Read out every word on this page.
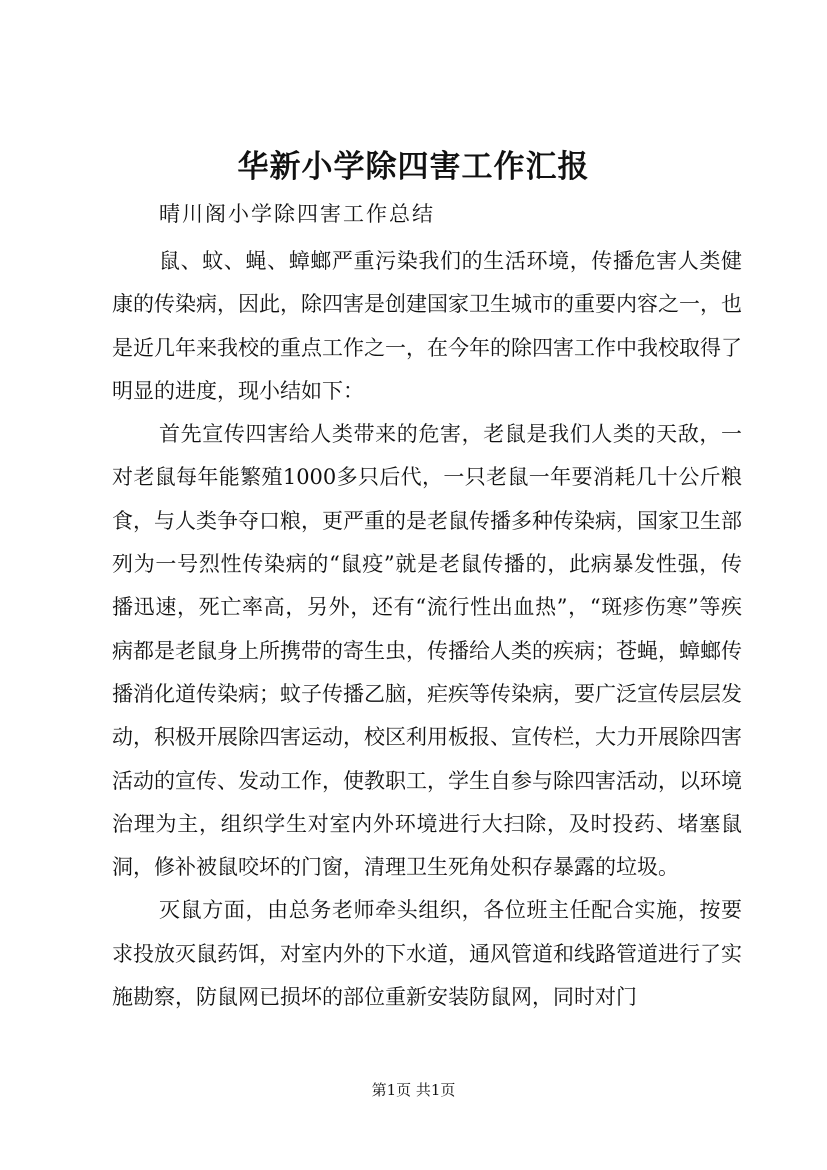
华新小学除四害工作汇报
晴川阁小学除四害工作总结

鼠、蚊、蝇、蟑螂严重污染我们的生活环境，传播危害人类健康的传染病，因此，除四害是创建国家卫生城市的重要内容之一，也是近几年来我校的重点工作之一，在今年的除四害工作中我校取得了明显的进度，现小结如下：

首先宣传四害给人类带来的危害，老鼠是我们人类的天敌，一对老鼠每年能繁殖1000多只后代，一只老鼠一年要消耗几十公斤粮食，与人类争夺口粮，更严重的是老鼠传播多种传染病，国家卫生部列为一号烈性传染病的“鼠疫”就是老鼠传播的，此病暴发性强，传播迅速，死亡率高，另外，还有“流行性出血热”，“斑疹伤寒”等疾病都是老鼠身上所携带的寄生虫，传播给人类的疾病；苍蝇，蟑螂传播消化道传染病；蚊子传播乙脑，疟疾等传染病，要广泛宣传层层发动，积极开展除四害运动，校区利用板报、宣传栏，大力开展除四害活动的宣传、发动工作，使教职工，学生自参与除四害活动，以环境治理为主，组织学生对室内外环境进行大扫除，及时投药、堵塞鼠洞，修补被鼠咬坏的门窗，清理卫生死角处积存暴露的垃圾。

灭鼠方面，由总务老师牵头组织，各位班主任配合实施，按要求投放灭鼠药饵，对室内外的下水道，通风管道和线路管道进行了实施勘察，防鼠网已损坏的部位重新安装防鼠网，同时对门

第1页 共1页
